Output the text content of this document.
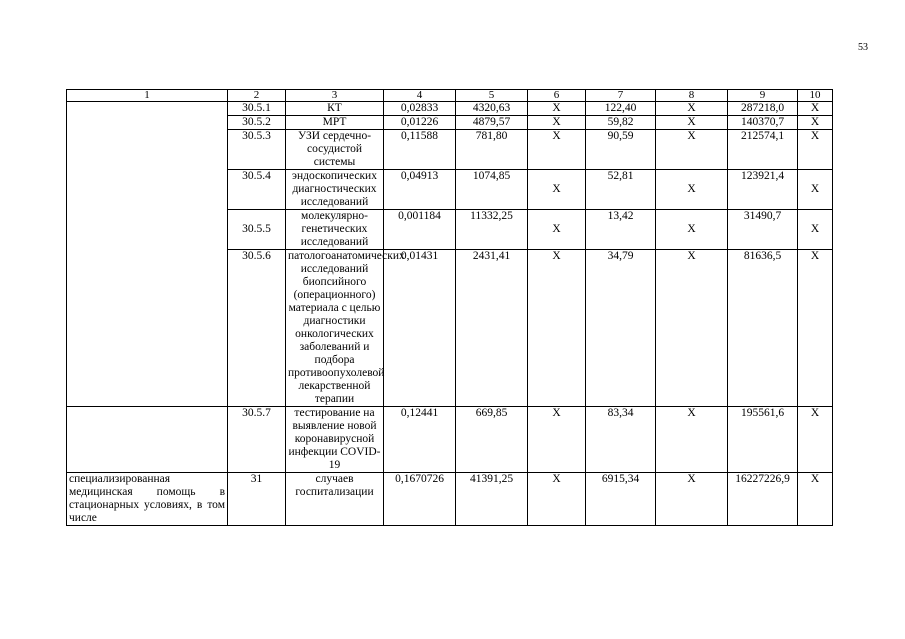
53
1	2	3	4	5	6	7	8	9	10
	30.5.1	КТ	0,02833	4320,63	X	122,40	X	287218,0	X
	30.5.2	МРТ	0,01226	4879,57	X	59,82	X	140370,7	X
	30.5.3	УЗИ сердечно-сосудистой системы	0,11588	781,80	X	90,59	X	212574,1	X
	30.5.4	эндоскопических диагностических исследований	0,04913	1074,85	X	52,81	X	123921,4	X
	30.5.5	молекулярно-генетических исследований	0,001184	11332,25	X	13,42	X	31490,7	X
	30.5.6	патологоанатомических исследований биопсийного (операционного) материала с целью диагностики онкологических заболеваний и подбора противоопухолевой лекарственной терапии	0,01431	2431,41	X	34,79	X	81636,5	X
	30.5.7	тестирование на выявление новой коронавирусной инфекции COVID-19	0,12441	669,85	X	83,34	X	195561,6	X
специализированная медицинская помощь в стационарных условиях, в том числе	31	случаев госпитализации	0,1670726	41391,25	X	6915,34	X	16227226,9	X
